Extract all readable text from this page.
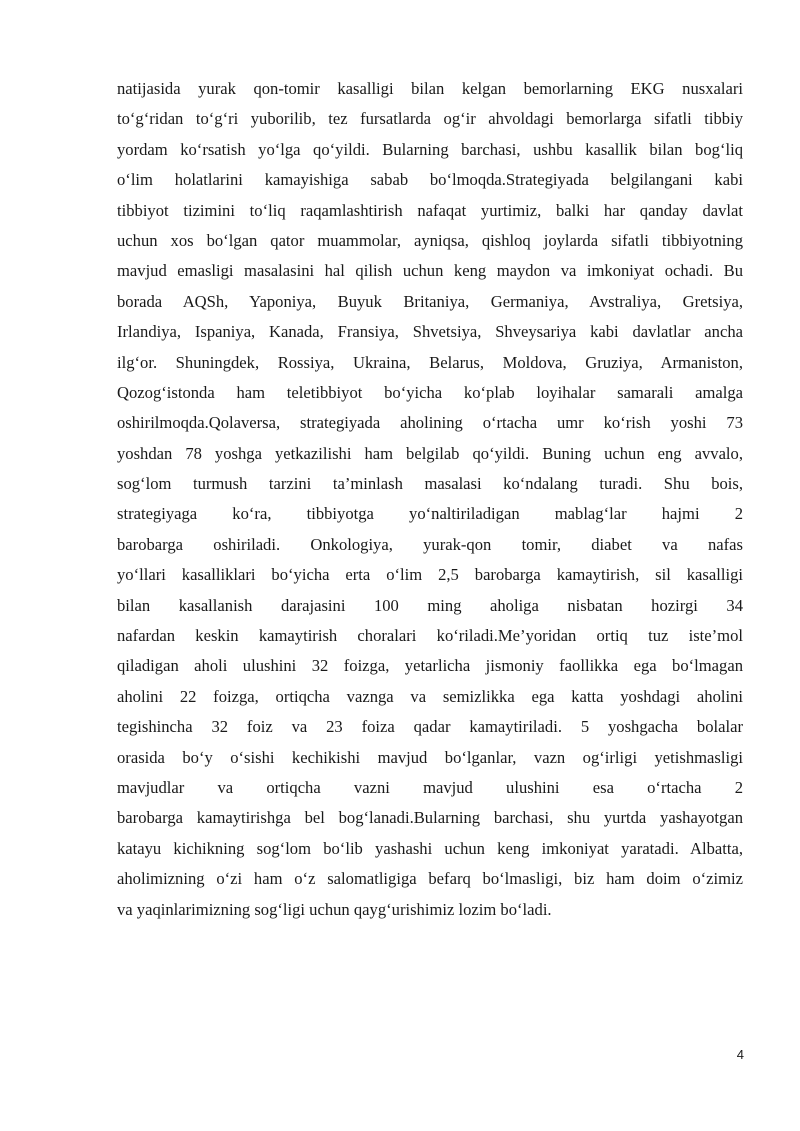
natijasida yurak qon-tomir kasalligi bilan kelgan bemorlarning EKG nusxalari
to‘g‘ridan to‘g‘ri yuborilib, tez fursatlarda og‘ir ahvoldagi bemorlarga sifatli tibbiy
yordam ko‘rsatish yo‘lga qo‘yildi. Bularning barchasi, ushbu kasallik bilan bog‘liq
o‘lim holatlarini kamayishiga sabab bo‘lmoqda.Strategiyada belgilangani kabi
tibbiyot tizimini to‘liq raqamlashtirish nafaqat yurtimiz, balki har qanday davlat
uchun xos bo‘lgan qator muammolar, ayniqsa, qishloq joylarda sifatli tibbiyotning
mavjud emasligi masalasini hal qilish uchun keng maydon va imkoniyat ochadi. Bu
borada AQSh, Yaponiya, Buyuk Britaniya, Germaniya, Avstraliya, Gretsiya,
Irlandiya, Ispaniya, Kanada, Fransiya, Shvetsiya, Shveysariya kabi davlatlar ancha
ilg‘or. Shuningdek, Rossiya, Ukraina, Belarus, Moldova, Gruziya, Armaniston,
Qozog‘istonda ham teletibbiyot bo‘yicha ko‘plab loyihalar samarali amalga
oshirilmoqda.Qolaversa, strategiyada aholining o‘rtacha umr ko‘rish yoshi 73
yoshdan 78 yoshga yetkazilishi ham belgilab qo‘yildi. Buning uchun eng avvalo,
sog‘lom turmush tarzini ta’minlash masalasi ko‘ndalang turadi. Shu bois,
strategiyaga ko‘ra, tibbiyotga yo‘naltiriladigan mablag‘lar hajmi 2
barobarga oshiriladi. Onkologiya, yurak-qon tomir, diabet va nafas
yo‘llari kasalliklari bo‘yicha erta o‘lim 2,5 barobarga kamaytirish, sil kasalligi
bilan kasallanish darajasini 100 ming aholiga nisbatan hozirgi 34
nafardan keskin kamaytirish choralari ko‘riladi.Me’yoridan ortiq tuz iste’mol
qiladigan aholi ulushini 32 foizga, yetarlicha jismoniy faollikka ega bo‘lmagan
aholini 22 foizga, ortiqcha vaznga va semizlikka ega katta yoshdagi aholini
tegishincha 32 foiz va 23 foiza qadar kamaytiriladi. 5 yoshgacha bolalar
orasida bo‘y o‘sishi kechikishi mavjud bo‘lganlar, vazn og‘irligi yetishmasligi
mavjudlar va ortiqcha vazni mavjud ulushini esa o‘rtacha 2
barobarga kamaytirishga bel bog‘lanadi.Bularning barchasi, shu yurtda yashayotgan
katayu kichikning sog‘lom bo‘lib yashashi uchun keng imkoniyat yaratadi. Albatta,
aholimizning o‘zi ham o‘z salomatligiga befarq bo‘lmasligi, biz ham doim o‘zimiz
va yaqinlarimizning sog‘ligi uchun qayg‘urishimiz lozim bo‘ladi.
4
